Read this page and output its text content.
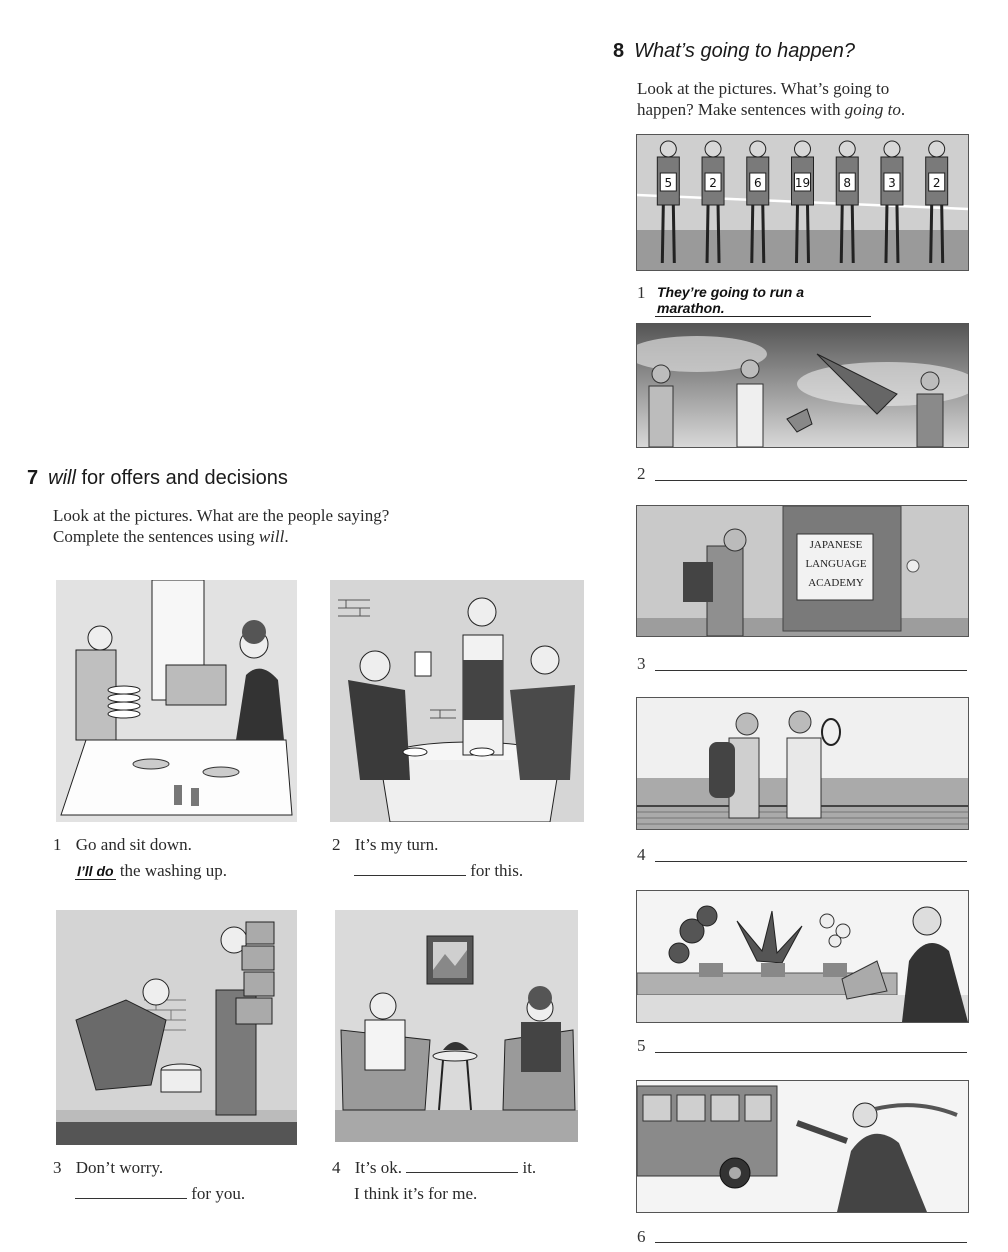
8 What’s going to happen?
Look at the pictures. What’s going to
happen? Make sentences with going to.
5	2	6	19	8	3	2
1 They’re going to run a marathon.
2
JAPANESE
LANGUAGE
ACADEMY
3
4
5
6
7 will for offers and decisions
Look at the pictures. What are the people saying?
Complete the sentences using will.
1 Go and sit down.
I’ll do the washing up.
2 It’s my turn.
for this.
3 Don’t worry.
for you.
4 It’s ok.	it.
I think it’s for me.
